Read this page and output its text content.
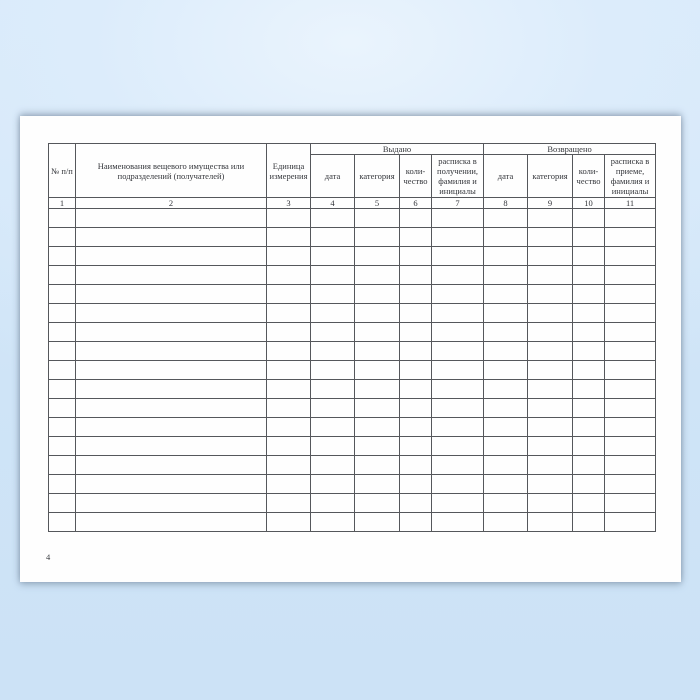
№ п/п	Наименования вещевого имущества или подразделений (получателей)	Единица измерения	Выдано				Возвращено			
			дата	категория	коли-чество	расписка в получении, фамилия и инициалы	дата	категория	коли-чество	расписка в приеме, фамилия и инициалы
1	2	3	4	5	6	7	8	9	10	11

4
